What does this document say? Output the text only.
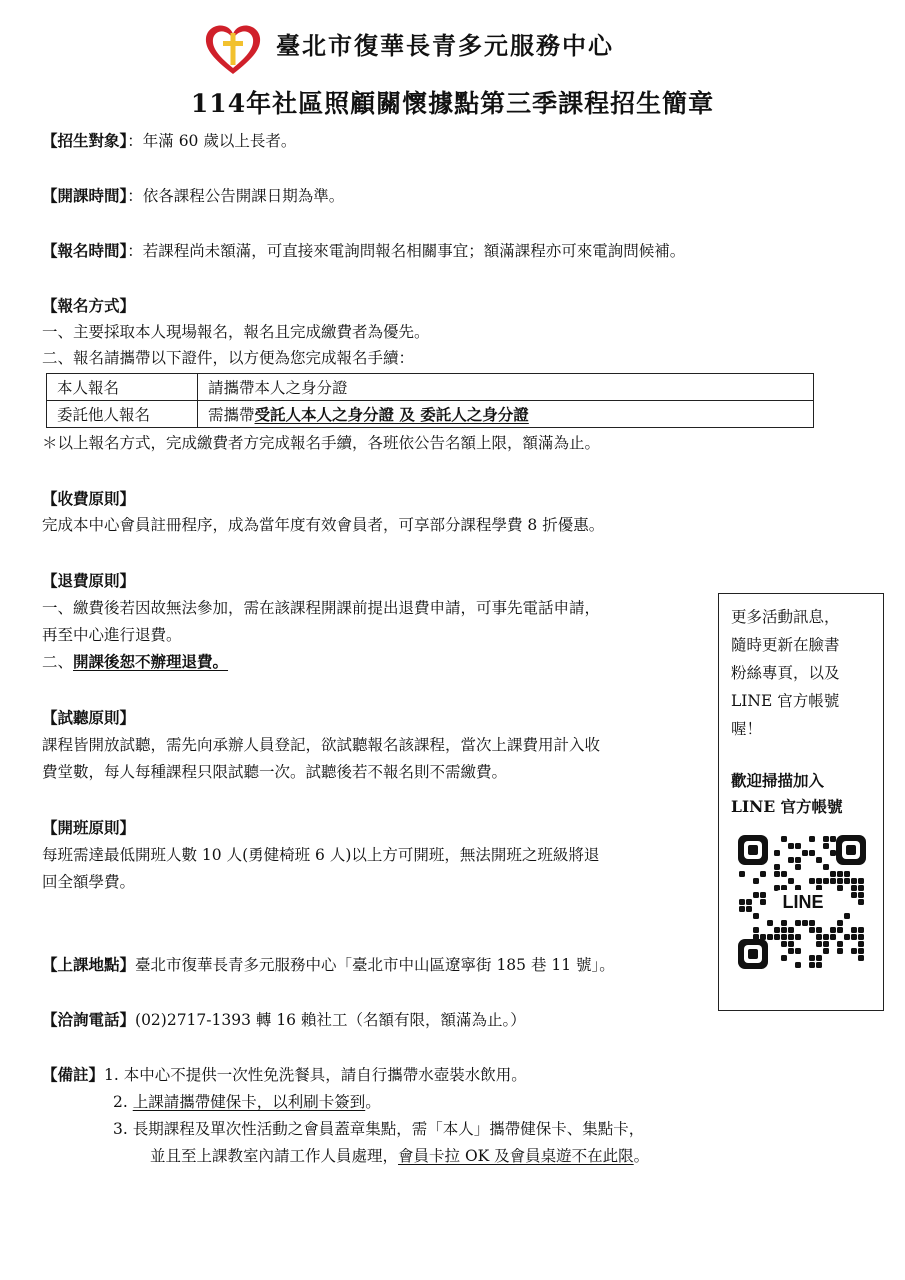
臺北市復華長青多元服務中心
114年社區照顧關懷據點第三季課程招生簡章
【招生對象】：年滿 60 歲以上長者。
【開課時間】：依各課程公告開課日期為準。
【報名時間】：若課程尚未額滿，可直接來電詢問報名相關事宜；額滿課程亦可來電詢問候補。
【報名方式】
一、主要採取本人現場報名，報名且完成繳費者為優先。
二、報名請攜帶以下證件，以方便為您完成報名手續：
本人報名	請攜帶本人之身分證
委託他人報名	需攜帶受託人本人之身分證 及 委託人之身分證
＊以上報名方式，完成繳費者方完成報名手續，各班依公告名額上限，額滿為止。
【收費原則】
完成本中心會員註冊程序，成為當年度有效會員者，可享部分課程學費 8 折優惠。
【退費原則】
一、繳費後若因故無法參加，需在該課程開課前提出退費申請，可事先電話申請，
再至中心進行退費。
二、開課後恕不辦理退費。
【試聽原則】
課程皆開放試聽，需先向承辦人員登記，欲試聽報名該課程，當次上課費用計入收
費堂數，每人每種課程只限試聽一次。試聽後若不報名則不需繳費。
【開班原則】
每班需達最低開班人數 10 人(勇健椅班 6 人)以上方可開班，無法開班之班級將退
回全額學費。
【上課地點】臺北市復華長青多元服務中心「臺北市中山區遼寧街 185 巷 11 號」。
【洽詢電話】(02)2717-1393 轉 16 賴社工（名額有限，額滿為止。）
【備註】1. 本中心不提供一次性免洗餐具，請自行攜帶水壺裝水飲用。
2. 上課請攜帶健保卡，以利刷卡簽到。
3. 長期課程及單次性活動之會員蓋章集點，需「本人」攜帶健保卡、集點卡，
並且至上課教室內請工作人員處理，會員卡拉 OK 及會員桌遊不在此限。
更多活動訊息，
隨時更新在臉書
粉絲專頁，以及
LINE 官方帳號
喔！
歡迎掃描加入
LINE 官方帳號
LINE
